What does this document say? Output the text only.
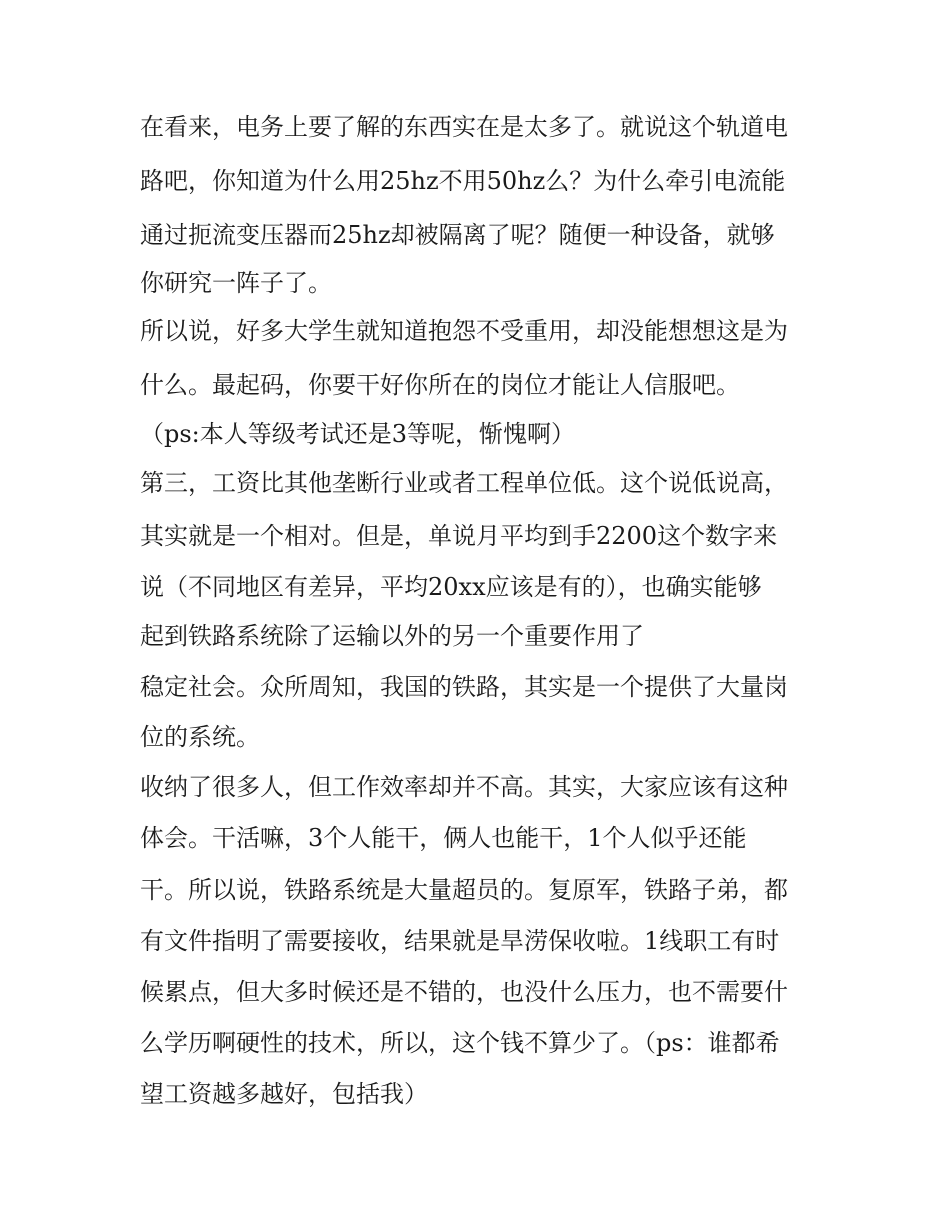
在看来，电务上要了解的东西实在是太多了。就说这个轨道电
路吧，你知道为什么用25hz不用50hz么？为什么牵引电流能
通过扼流变压器而25hz却被隔离了呢？随便一种设备，就够
你研究一阵子了。
所以说，好多大学生就知道抱怨不受重用，却没能想想这是为
什么。最起码，你要干好你所在的岗位才能让人信服吧。
（ps:本人等级考试还是3等呢，惭愧啊）
第三，工资比其他垄断行业或者工程单位低。这个说低说高，
其实就是一个相对。但是，单说月平均到手2200这个数字来
说（不同地区有差异，平均20xx应该是有的），也确实能够
起到铁路系统除了运输以外的另一个重要作用了
稳定社会。众所周知，我国的铁路，其实是一个提供了大量岗
位的系统。
收纳了很多人，但工作效率却并不高。其实，大家应该有这种
体会。干活嘛，3个人能干，俩人也能干，1个人似乎还能
干。所以说，铁路系统是大量超员的。复原军，铁路子弟，都
有文件指明了需要接收，结果就是旱涝保收啦。1线职工有时
候累点，但大多时候还是不错的，也没什么压力，也不需要什
么学历啊硬性的技术，所以，这个钱不算少了。（ps：谁都希
望工资越多越好，包括我）
